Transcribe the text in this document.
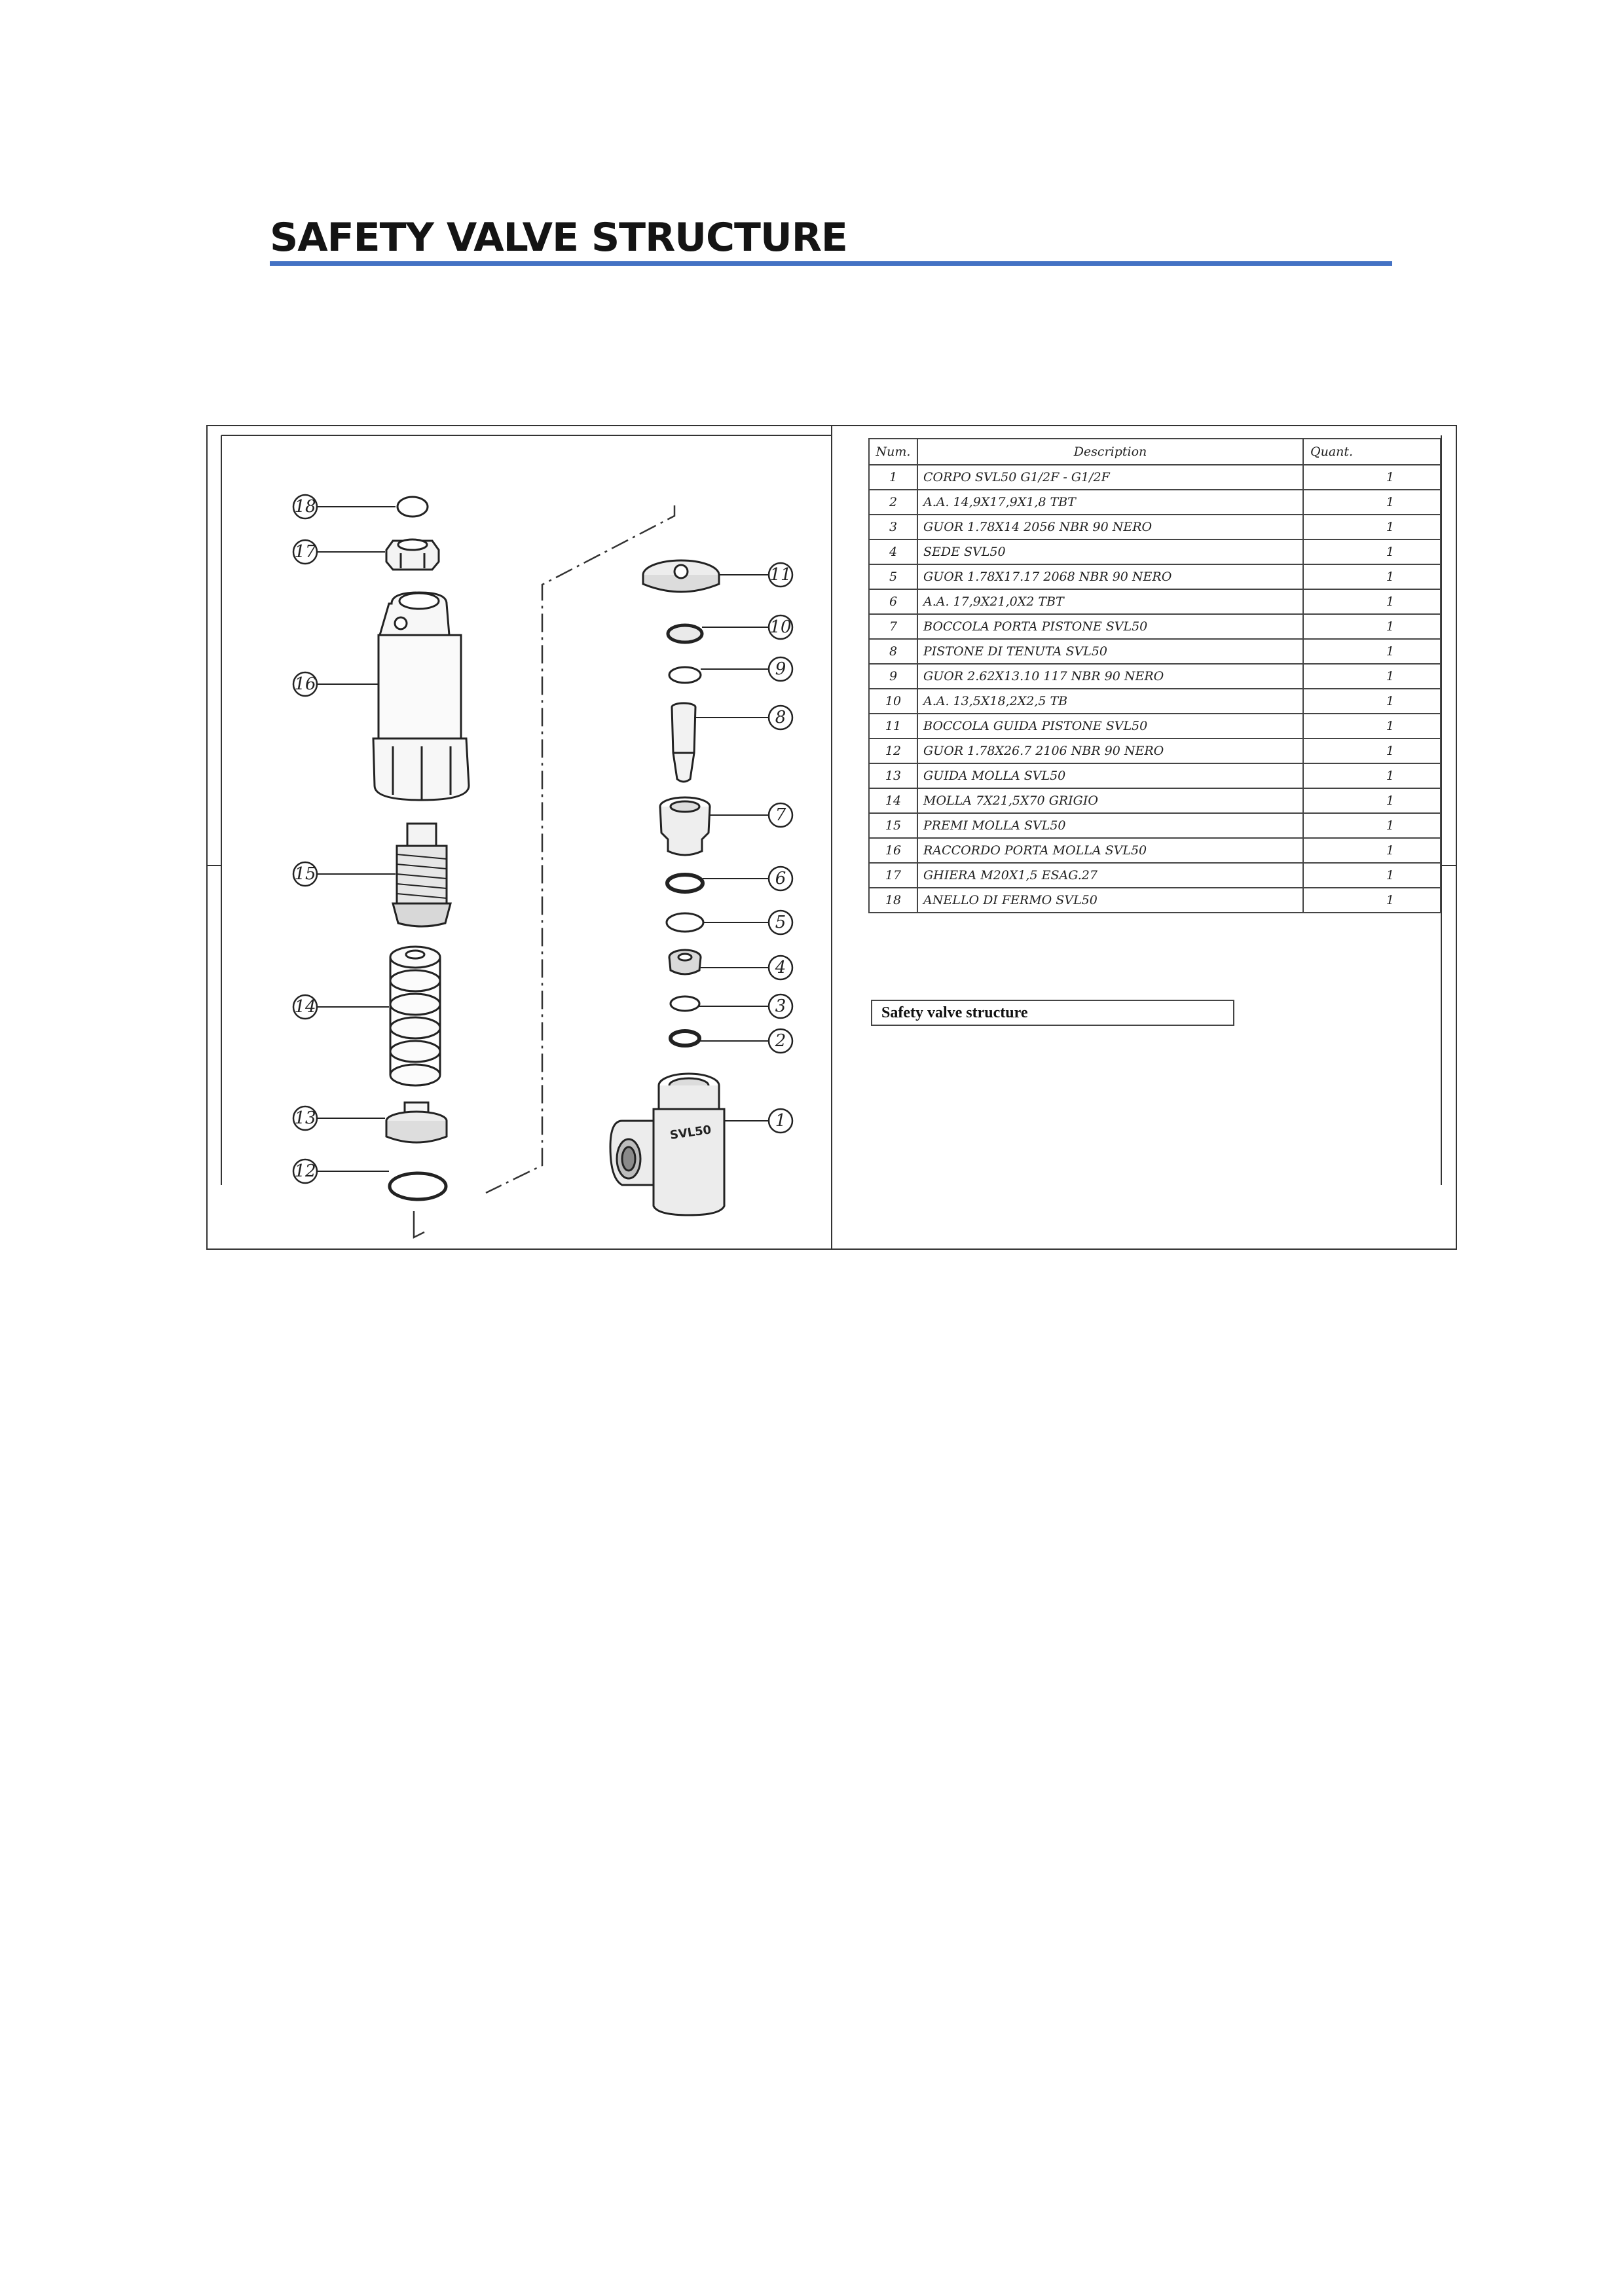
SAFETY VALVE STRUCTURE
SVL50
18
17
16
15
14
13
12
11
10
9
8
7
6
5
4
3
2
1
Num.	Description	Quant.
1	CORPO SVL50 G1/2F - G1/2F	1
2	A.A. 14,9X17,9X1,8 TBT	1
3	GUOR 1.78X14 2056 NBR 90 NERO	1
4	SEDE SVL50	1
5	GUOR 1.78X17.17 2068 NBR 90 NERO	1
6	A.A. 17,9X21,0X2 TBT	1
7	BOCCOLA PORTA PISTONE SVL50	1
8	PISTONE DI TENUTA SVL50	1
9	GUOR 2.62X13.10 117 NBR 90 NERO	1
10	A.A. 13,5X18,2X2,5 TB	1
11	BOCCOLA GUIDA PISTONE SVL50	1
12	GUOR 1.78X26.7 2106 NBR 90 NERO	1
13	GUIDA MOLLA SVL50	1
14	MOLLA 7X21,5X70 GRIGIO	1
15	PREMI MOLLA SVL50	1
16	RACCORDO PORTA MOLLA SVL50	1
17	GHIERA M20X1,5 ESAG.27	1
18	ANELLO DI FERMO SVL50	1
Safety valve structure
